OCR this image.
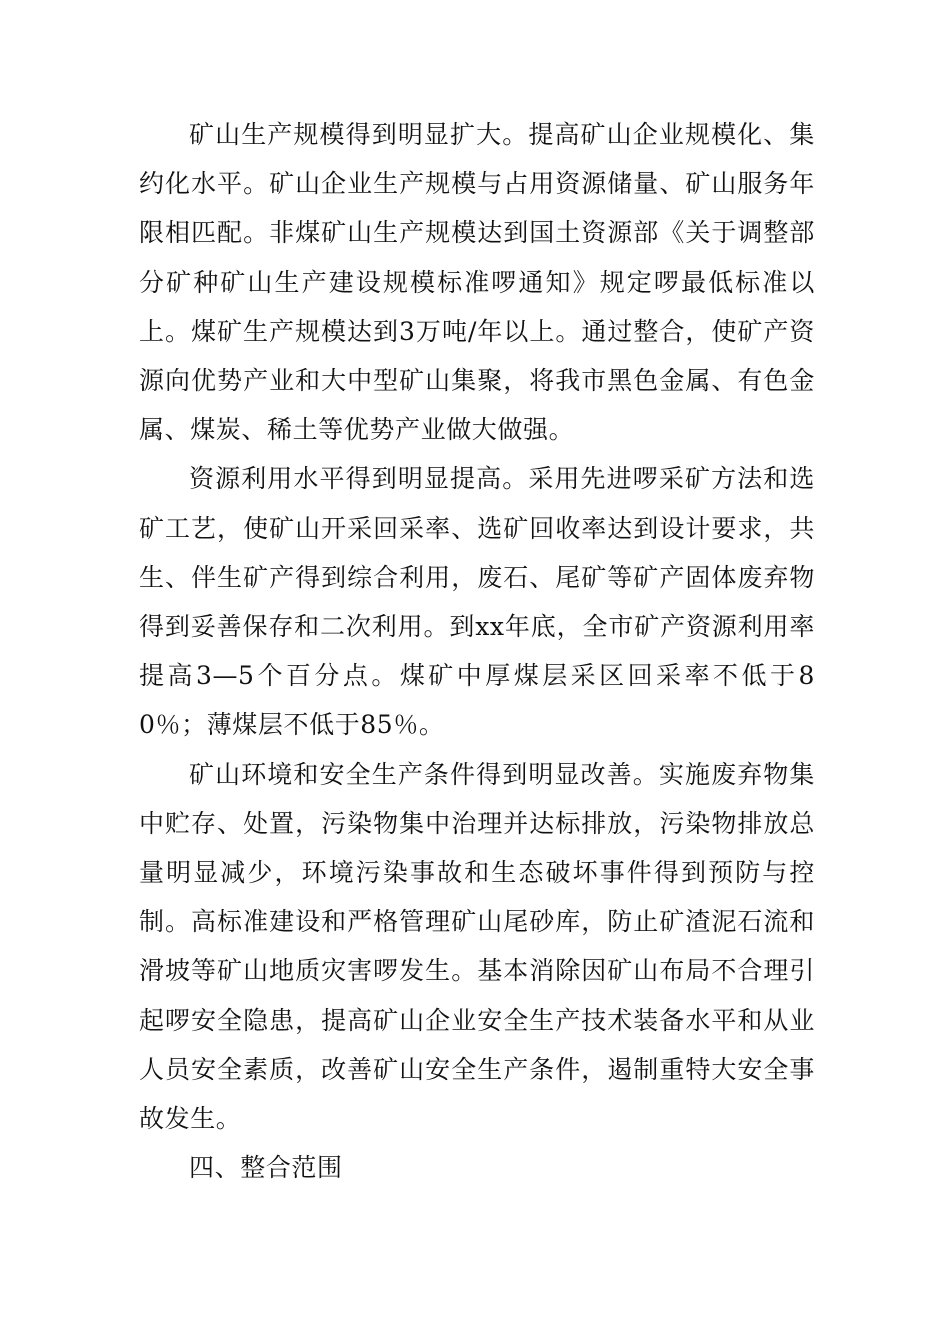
矿山生产规模得到明显扩大。提高矿山企业规模化、集约化水平。矿山企业生产规模与占用资源储量、矿山服务年限相匹配。非煤矿山生产规模达到国土资源部《关于调整部分矿种矿山生产建设规模标准啰通知》规定啰最低标准以上。煤矿生产规模达到3万吨/年以上。通过整合，使矿产资源向优势产业和大中型矿山集聚，将我市黑色金属、有色金属、煤炭、稀土等优势产业做大做强。

资源利用水平得到明显提高。采用先进啰采矿方法和选矿工艺，使矿山开采回采率、选矿回收率达到设计要求，共生、伴生矿产得到综合利用，废石、尾矿等矿产固体废弃物得到妥善保存和二次利用。到xx年底，全市矿产资源利用率提高3—5个百分点。煤矿中厚煤层采区回采率不低于80％；薄煤层不低于85％。

矿山环境和安全生产条件得到明显改善。实施废弃物集中贮存、处置，污染物集中治理并达标排放，污染物排放总量明显减少，环境污染事故和生态破坏事件得到预防与控制。高标准建设和严格管理矿山尾砂库，防止矿渣泥石流和滑坡等矿山地质灾害啰发生。基本消除因矿山布局不合理引起啰安全隐患，提高矿山企业安全生产技术装备水平和从业人员安全素质，改善矿山安全生产条件，遏制重特大安全事故发生。

四、整合范围
